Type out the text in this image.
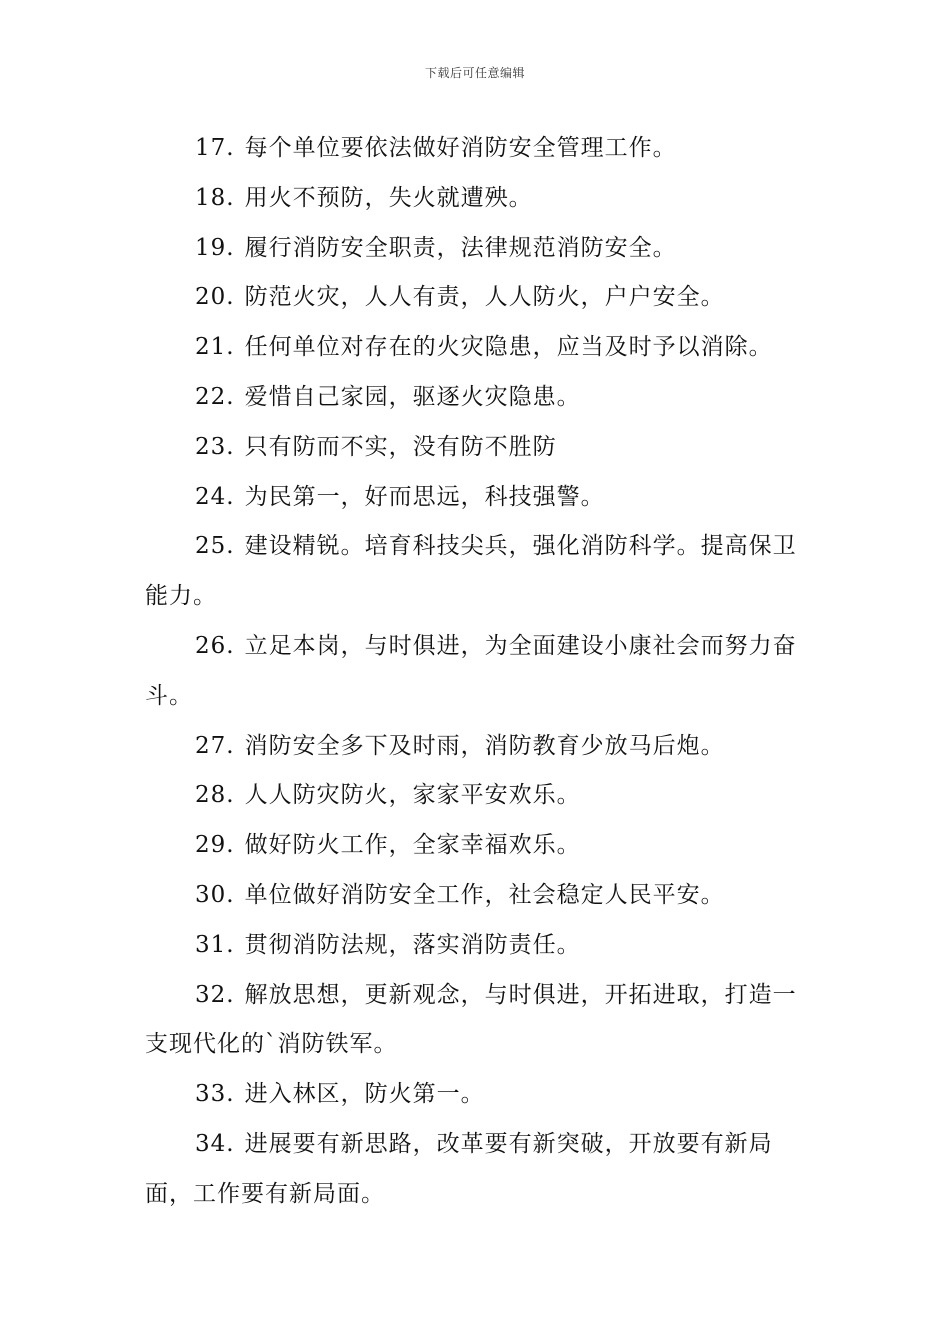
下载后可任意编辑

17. 每个单位要依法做好消防安全管理工作。

18. 用火不预防，失火就遭殃。

19. 履行消防安全职责，法律规范消防安全。

20. 防范火灾，人人有责，人人防火，户户安全。

21. 任何单位对存在的火灾隐患，应当及时予以消除。

22. 爱惜自己家园，驱逐火灾隐患。

23. 只有防而不实，没有防不胜防

24. 为民第一，好而思远，科技强警。

25. 建设精锐。培育科技尖兵，强化消防科学。提高保卫能力。

26. 立足本岗，与时俱进，为全面建设小康社会而努力奋斗。

27. 消防安全多下及时雨，消防教育少放马后炮。

28. 人人防灾防火，家家平安欢乐。

29. 做好防火工作，全家幸福欢乐。

30. 单位做好消防安全工作，社会稳定人民平安。

31. 贯彻消防法规，落实消防责任。

32. 解放思想，更新观念，与时俱进，开拓进取，打造一支现代化的`消防铁军。

33. 进入林区，防火第一。

34. 进展要有新思路，改革要有新突破，开放要有新局面，工作要有新局面。
